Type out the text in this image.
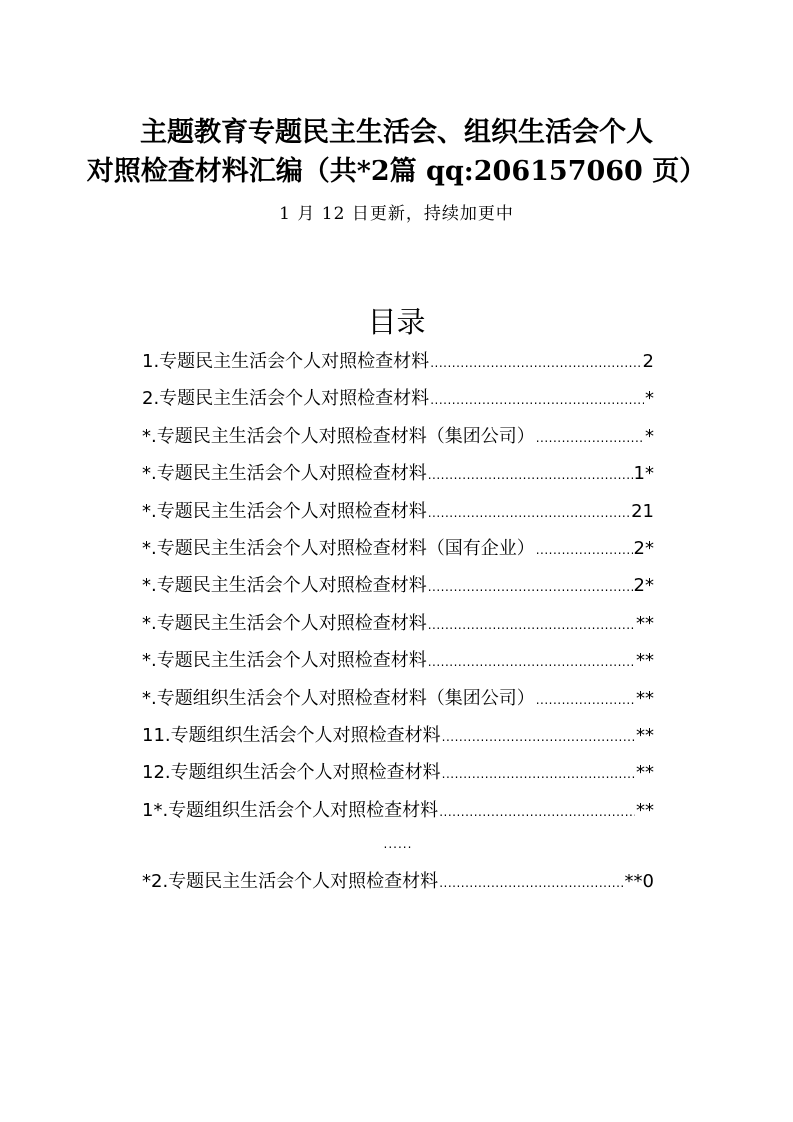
主题教育专题民主生活会、组织生活会个人
对照检查材料汇编（共*2篇 qq:206157060 页）
1 月 12 日更新，持续加更中
目录
1.专题民主生活会个人对照检查材料 .....	2
2.专题民主生活会个人对照检查材料 .....	*
*.专题民主生活会个人对照检查材料（集团公司） .....	*
*.专题民主生活会个人对照检查材料 .....	1*
*.专题民主生活会个人对照检查材料 .....	21
*.专题民主生活会个人对照检查材料（国有企业） .....	2*
*.专题民主生活会个人对照检查材料 .....	2*
*.专题民主生活会个人对照检查材料 .....	**
*.专题民主生活会个人对照检查材料 .....	**
*.专题组织生活会个人对照检查材料（集团公司） .....	**
11.专题组织生活会个人对照检查材料 .....	**
12.专题组织生活会个人对照检查材料 .....	**
1*.专题组织生活会个人对照检查材料 .....	**
......
*2.专题民主生活会个人对照检查材料 .....	**0
